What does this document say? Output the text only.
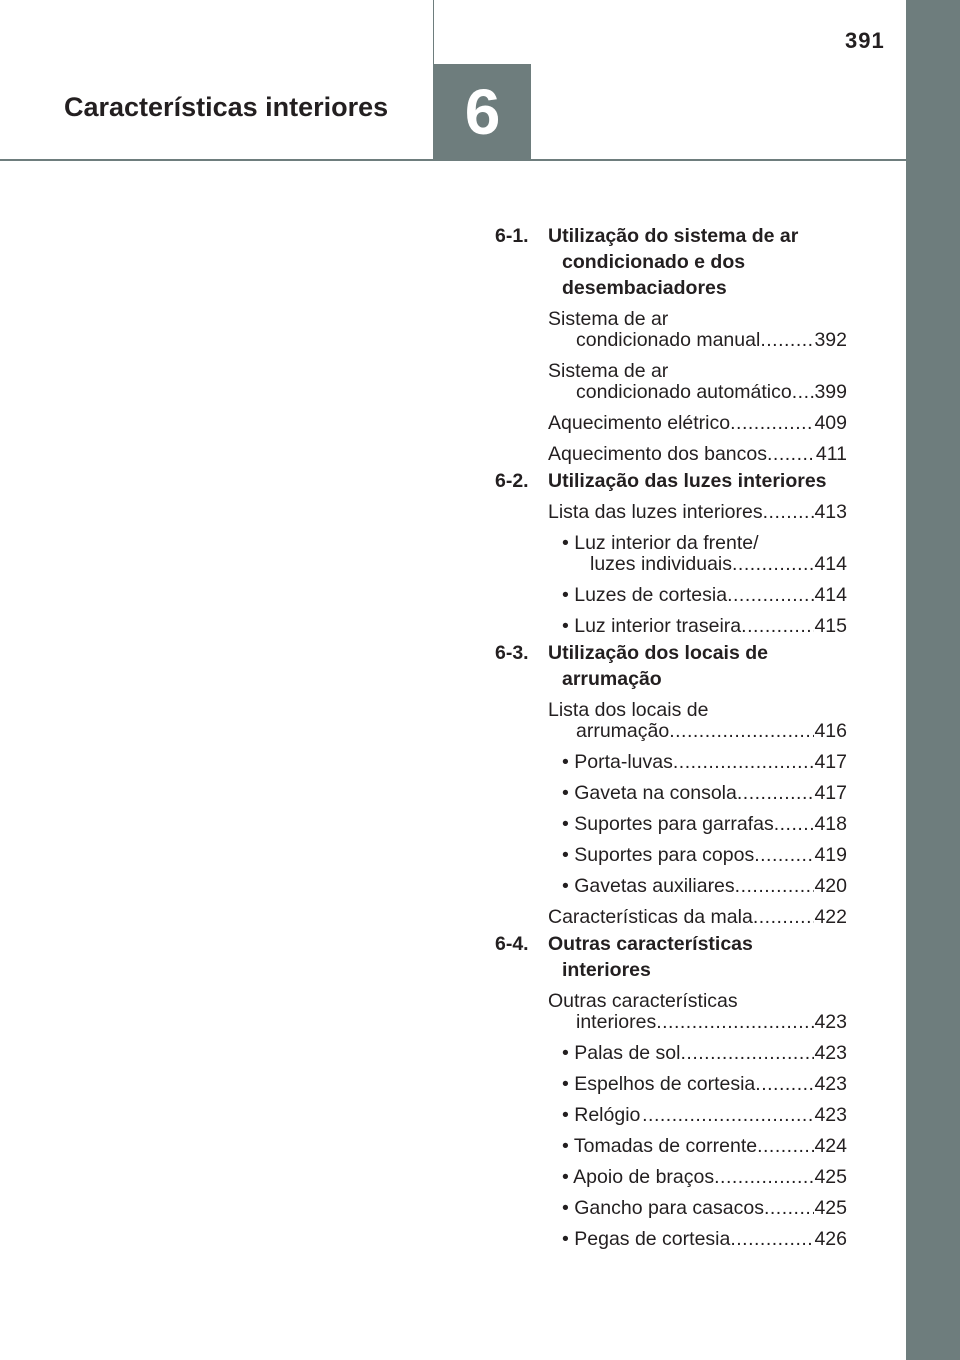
391
Características interiores	6
6-1. Utilização do sistema de ar condicionado e dos desembaciadores
Sistema de ar
condicionado manual .....	392
Sistema de ar
condicionado automático ..... 399
Aquecimento elétrico .....	409
Aquecimento dos bancos .....	411
6-2. Utilização das luzes interiores
Lista das luzes interiores .....	413
• Luz interior da frente/
luzes individuais .....	414
• Luzes de cortesia .....	414
• Luz interior traseira .....	415
6-3. Utilização dos locais de arrumação
Lista dos locais de
arrumação .....	416
• Porta-luvas .....	417
• Gaveta na consola .....	417
• Suportes para garrafas ..... 418
• Suportes para copos .....	419
• Gavetas auxiliares .....	420
Características da mala .....	422
6-4. Outras características interiores
Outras características
interiores .....	423
• Palas de sol .....	423
• Espelhos de cortesia .....	423
• Relógio .....	423
• Tomadas de corrente .....	424
• Apoio de braços .....	425
• Gancho para casacos .....	425
• Pegas de cortesia .....	426
